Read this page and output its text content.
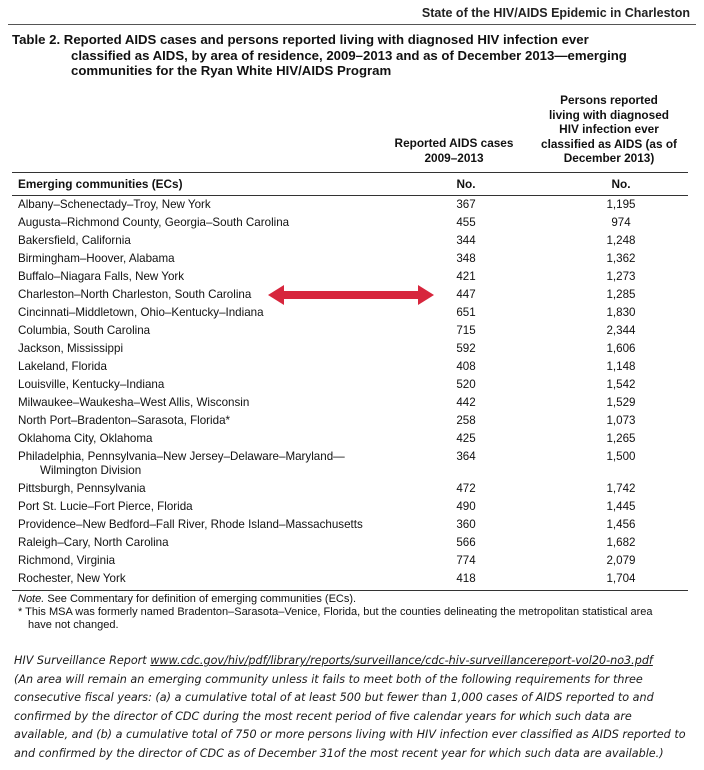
State of the HIV/AIDS Epidemic in Charleston
Table 2. Reported AIDS cases and persons reported living with diagnosed HIV infection ever
classified as AIDS, by area of residence, 2009–2013 and as of December 2013—emerging
communities for the Ryan White HIV/AIDS Program
Reported AIDS cases
2009–2013
Persons reported
living with diagnosed
HIV infection ever
classified as AIDS (as of
December 2013)
Emerging communities (ECs)	No.	No.
Albany–Schenectady–Troy, New York	367	1,195
Augusta–Richmond County, Georgia–South Carolina	455	974
Bakersfield, California	344	1,248
Birmingham–Hoover, Alabama	348	1,362
Buffalo–Niagara Falls, New York	421	1,273
Charleston–North Charleston, South Carolina	447	1,285
Cincinnati–Middletown, Ohio–Kentucky–Indiana	651	1,830
Columbia, South Carolina	715	2,344
Jackson, Mississippi	592	1,606
Lakeland, Florida	408	1,148
Louisville, Kentucky–Indiana	520	1,542
Milwaukee–Waukesha–West Allis, Wisconsin	442	1,529
North Port–Bradenton–Sarasota, Florida*	258	1,073
Oklahoma City, Oklahoma	425	1,265
Philadelphia, Pennsylvania–New Jersey–Delaware–Maryland—
Wilmington Division
364	1,500
Pittsburgh, Pennsylvania	472	1,742
Port St. Lucie–Fort Pierce, Florida	490	1,445
Providence–New Bedford–Fall River, Rhode Island–Massachusetts	360	1,456
Raleigh–Cary, North Carolina	566	1,682
Richmond, Virginia	774	2,079
Rochester, New York	418	1,704
Note. See Commentary for definition of emerging communities (ECs).
* This MSA was formerly named Bradenton–Sarasota–Venice, Florida, but the counties delineating the metropolitan statistical area
have not changed.
HIV Surveillance Report www.cdc.gov/hiv/pdf/library/reports/surveillance/cdc-hiv-surveillancereport-vol20-no3.pdf
(An area will remain an emerging community unless it fails to meet both of the following requirements for three
consecutive fiscal years: (a) a cumulative total of at least 500 but fewer than 1,000 cases of AIDS reported to and
confirmed by the director of CDC during the most recent period of five calendar years for which such data are
available, and (b) a cumulative total of 750 or more persons living with HIV infection ever classified as AIDS reported to
and confirmed by the director of CDC as of December 31of the most recent year for which such data are available.)
